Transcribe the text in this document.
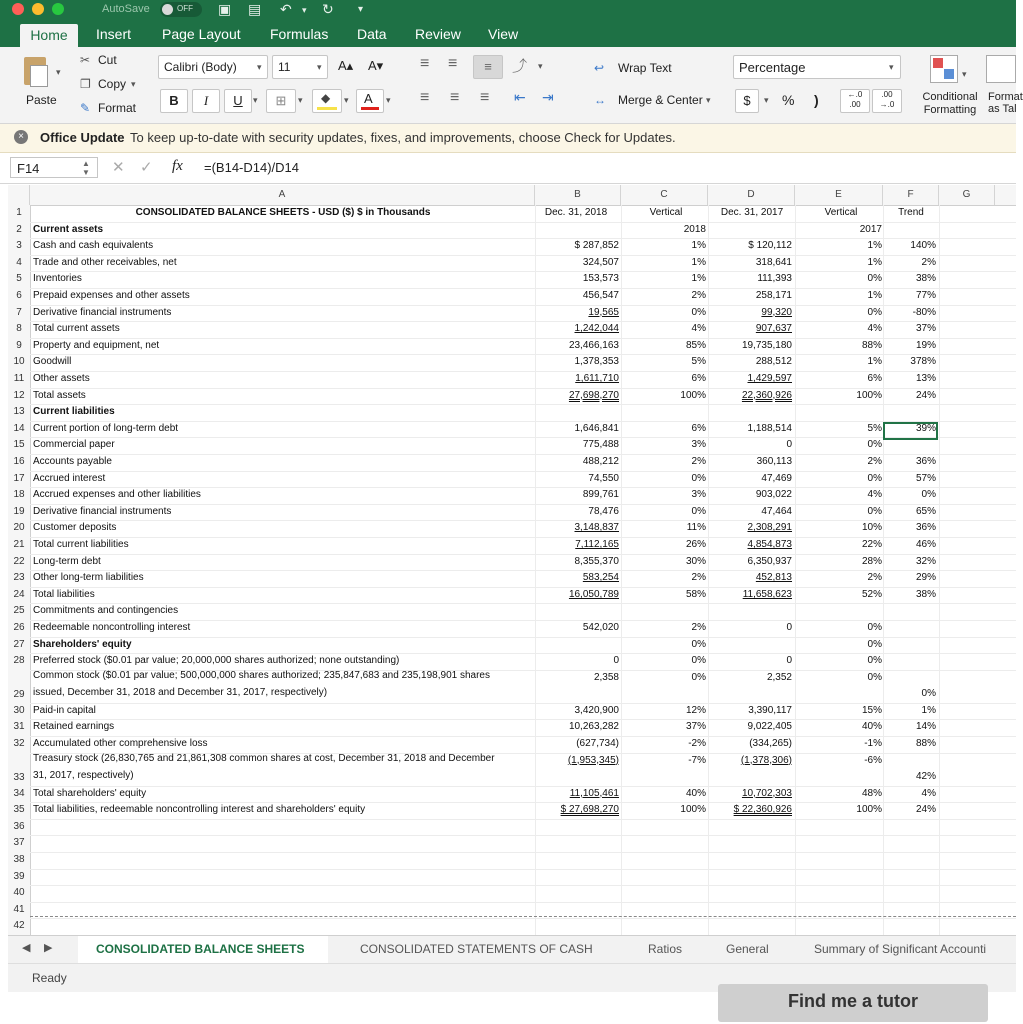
AutoSave	OFF ▣ ▤ ↶ ▾ ↻ ▾
Home	Insert Page Layout Formulas Data Review View
▾
Paste
✂ Cut
❐ Copy ▾
✎ Format
Calibri (Body) ▾ 11	▾ A▴ A▾
B	I	U	▾	⊞	▾ ◆ ▾ A ▾
≡ ≡	≡	⤴ ▾
≡ ≡ ≡ ⇤ ⇥
↩ Wrap Text
↔ Merge & Center ▾
Percentage	▾
$	▾ % )	←.0
.00
.00
→.0
▾
Conditional Formatting
Format as Tal
×	Office Update To keep up-to-date with security updates, fixes, and improvements, choose Check for Updates.
F14	▲
▼ ✕ ✓ fx =(B14-D14)/D14
A	B	C	D	E	F	G
1
2
3
4
5
6
7
8
9
10
11
12
13
14
15
16
17
18
19
20
21
22
23
24
25
26
27
28
29
30
31
32
33
34
35
36
37
38
39
40
41
42
CONSOLIDATED BALANCE SHEETS - USD ($) $ in Thousands	Dec. 31, 2018	Vertical	Dec. 31, 2017	Vertical	Trend
Current assets	2018	2017
Cash and cash equivalents	$ 287,852	1%	$ 120,112	1%	140%
Trade and other receivables, net	324,507	1%	318,641	1%	2%
Inventories	153,573	1%	111,393	0%	38%
Prepaid expenses and other assets	456,547	2%	258,171	1%	77%
Derivative financial instruments	19,565	0%	99,320	0%	-80%
Total current assets	1,242,044	4%	907,637	4%	37%
Property and equipment, net	23,466,163	85%	19,735,180	88%	19%
Goodwill	1,378,353	5%	288,512	1%	378%
Other assets	1,611,710	6%	1,429,597	6%	13%
Total assets	27,698,270	100%	22,360,926	100%	24%
Current liabilities
Current portion of long-term debt	1,646,841	6%	1,188,514	5%	39%
Commercial paper	775,488	3%	0	0%
Accounts payable	488,212	2%	360,113	2%	36%
Accrued interest	74,550	0%	47,469	0%	57%
Accrued expenses and other liabilities	899,761	3%	903,022	4%	0%
Derivative financial instruments	78,476	0%	47,464	0%	65%
Customer deposits	3,148,837	11%	2,308,291	10%	36%
Total current liabilities	7,112,165	26%	4,854,873	22%	46%
Long-term debt	8,355,370	30%	6,350,937	28%	32%
Other long-term liabilities	583,254	2%	452,813	2%	29%
Total liabilities	16,050,789	58%	11,658,623	52%	38%
Commitments and contingencies
Redeemable noncontrolling interest	542,020	2%	0	0%
Shareholders' equity	0%	0%
Preferred stock ($0.01 par value; 20,000,000 shares authorized; none outstanding)	0	0%	0	0%
Common stock ($0.01 par value; 500,000,000 shares authorized; 235,847,683 and 235,198,901 shares	2,358	0%	2,352	0%
0%
issued, December 31, 2018 and December 31, 2017, respectively)
Paid-in capital	3,420,900	12%	3,390,117	15%	1%
Retained earnings	10,263,282	37%	9,022,405	40%	14%
Accumulated other comprehensive loss	(627,734)	-2%	(334,265)	-1%	88%
Treasury stock (26,830,765 and 21,861,308 common shares at cost, December 31, 2018 and December	(1,953,345)	-7%	(1,378,306)	-6%
42%
31, 2017, respectively)
Total shareholders' equity	11,105,461	40%	10,702,303	48%	4%
Total liabilities, redeemable noncontrolling interest and shareholders' equity	$ 27,698,270	100%	$ 22,360,926	100%	24%
◀ ▶	CONSOLIDATED BALANCE SHEETS	CONSOLIDATED STATEMENTS OF CASH	Ratios	General	Summary of Significant Accounti
Ready
Find me a tutor
